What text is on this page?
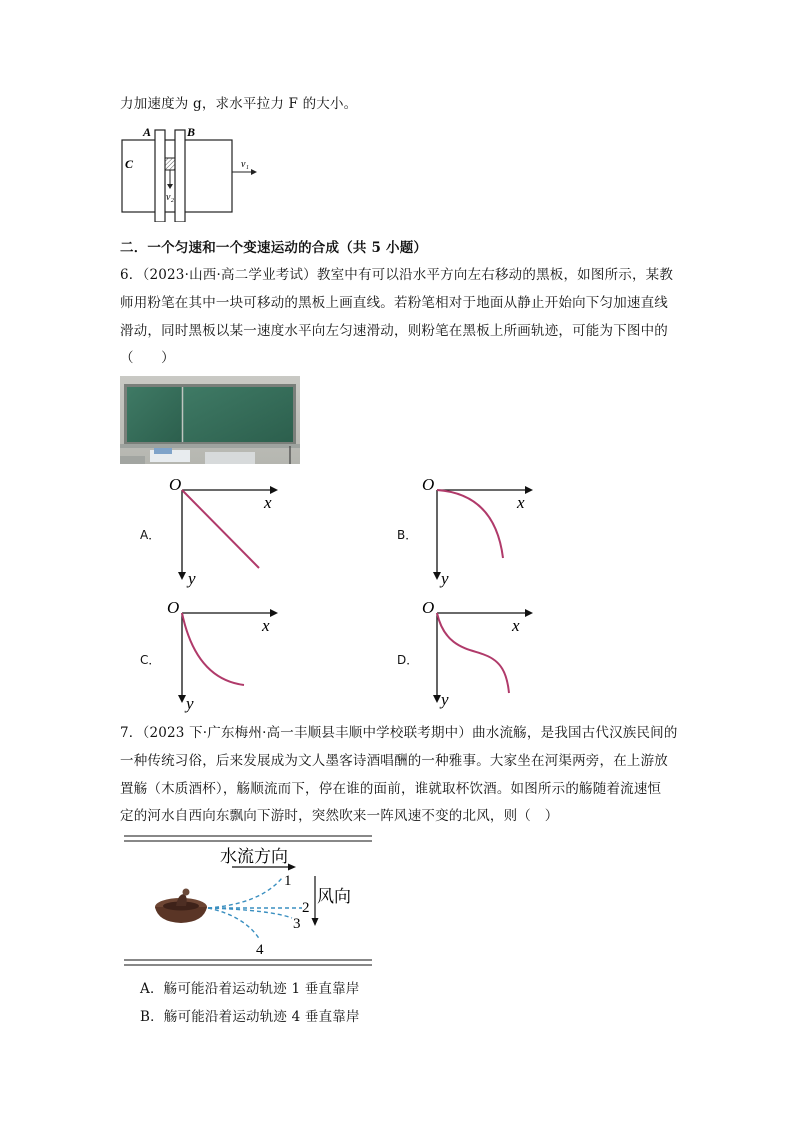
力加速度为 g，求水平拉力 F 的大小。
A	B
C	v₁
v₂
二．一个匀速和一个变速运动的合成（共 5 小题）
6．（2023·山西·高二学业考试）教室中有可以沿水平方向左右移动的黑板，如图所示，某教
师用粉笔在其中一块可移动的黑板上画直线。若粉笔相对于地面从静止开始向下匀加速直线
滑动，同时黑板以某一速度水平向左匀速滑动，则粉笔在黑板上所画轨迹，可能为下图中的
（　　）
A．
O
x
y
B．
O
x
y
C．
O
x
y
D．
O
x
y
7．（2023 下·广东梅州·高一丰顺县丰顺中学校联考期中）曲水流觞，是我国古代汉族民间的
一种传统习俗，后来发展成为文人墨客诗酒唱酬的一种雅事。大家坐在河渠两旁，在上游放
置觞（木质酒杯），觞顺流而下，停在谁的面前，谁就取杯饮酒。如图所示的觞随着流速恒
定的河水自西向东飘向下游时，突然吹来一阵风速不变的北风，则（　）
水流方向
风向
1
2
3
4
A．觞可能沿着运动轨迹 1 垂直靠岸
B．觞可能沿着运动轨迹 4 垂直靠岸
